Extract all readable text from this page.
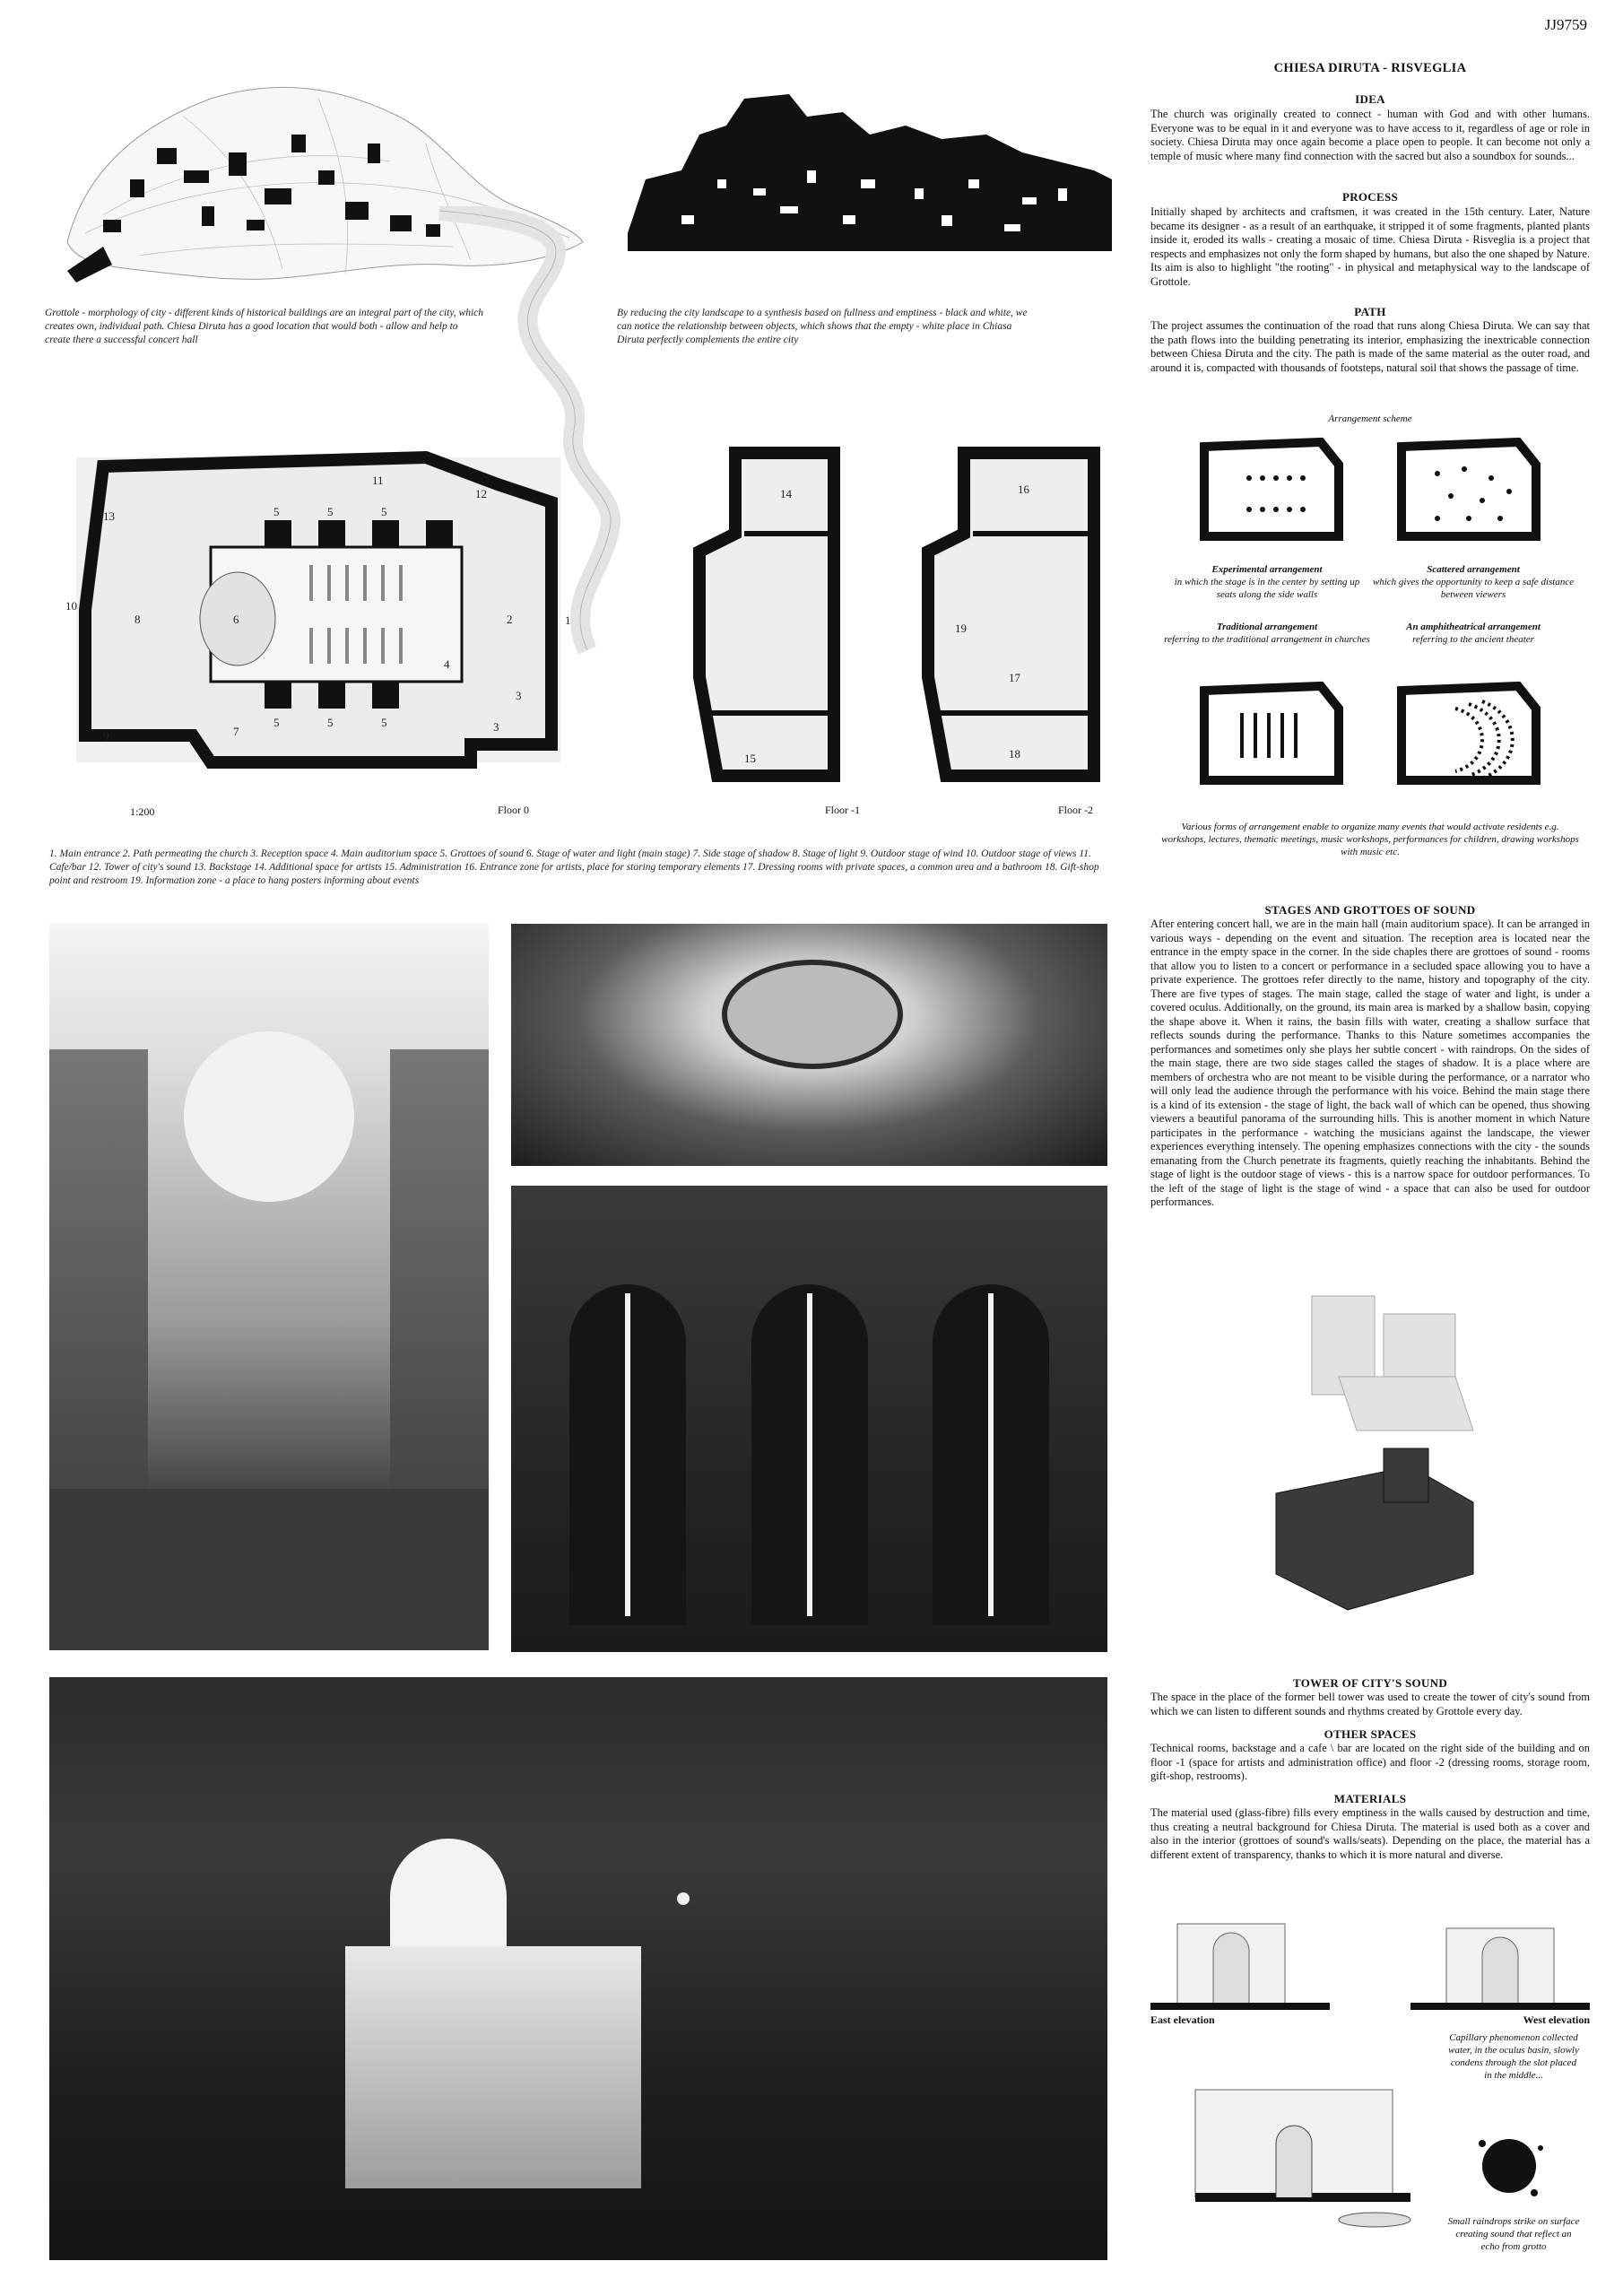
JJ9759
Grottole - morphology of city - different kinds of historical buildings are an integral part of the city, which creates own, individual path. Chiesa Diruta has a good location that would both - allow and help to create there a successful concert hall
By reducing the city landscape to a synthesis based on fullness and emptiness - black and white, we can notice the relationship between objects, which shows that the empty - white place in Chiasa Diruta perfectly complements the entire city
1
2
3
3
4
5	5	5
5	5
5
6
7
8
9
10
11
12
13
14
15
16
17
18
19
1:200	Floor 0	Floor -1	Floor -2
1. Main entrance 2. Path permeating the church 3. Reception space 4. Main auditorium space 5. Grottoes of sound 6. Stage of water and light (main stage) 7. Side stage of shadow 8. Stage of light 9. Outdoor stage of wind 10. Outdoor stage of views 11. Cafe/bar 12. Tower of city's sound 13. Backstage 14. Additional space for artists 15. Administration 16. Entrance zone for artists, place for storing temporary elements 17. Dressing rooms with private spaces, a common area and a bathroom 18. Gift-shop point and restroom 19. Information zone - a place to hang posters informing about events
CHIESA DIRUTA - RISVEGLIA
IDEA
The church was originally created to connect - human with God and with other humans. Everyone was to be equal in it and everyone was to have access to it, regardless of age or role in society. Chiesa Diruta may once again become a place open to people. It can become not only a temple of music where many find connection with the sacred but also a soundbox for sounds...
PROCESS
Initially shaped by architects and craftsmen, it was created in the 15th century. Later, Nature became its designer - as a result of an earthquake, it stripped it of some fragments, planted plants inside it, eroded its walls - creating a mosaic of time. Chiesa Diruta - Risveglia is a project that respects and emphasizes not only the form shaped by humans, but also the one shaped by Nature. Its aim is also to highlight "the rooting" - in physical and metaphysical way to the landscape of Grottole.
PATH
The project assumes the continuation of the road that runs along Chiesa Diruta. We can say that the path flows into the building penetrating its interior, emphasizing the inextricable connection between Chiesa Diruta and the city. The path is made of the same material as the outer road, and around it is, compacted with thousands of footsteps, natural soil that shows the passage of time.
Arrangement scheme
Experimental arrangement
in which the stage is in the center by setting up seats along the side walls
Scattered arrangement
which gives the opportunity to keep a safe distance between viewers
Traditional arrangement
referring to the traditional arrangement in churches
An amphitheatrical arrangement
referring to the ancient theater
Various forms of arrangement enable to organize many events that would activate residents e.g. workshops, lectures, thematic meetings, music workshops, performances for children, drawing workshops with music etc.
STAGES AND GROTTOES OF SOUND
After entering concert hall, we are in the main hall (main auditorium space). It can be arranged in various ways - depending on the event and situation. The reception area is located near the entrance in the empty space in the corner. In the side chaples there are grottoes of sound - rooms that allow you to listen to a concert or performance in a secluded space allowing you to have a private experience. The grottoes refer directly to the name, history and topography of the city. There are five types of stages. The main stage, called the stage of water and light, is under a covered oculus. Additionally, on the ground, its main area is marked by a shallow basin, copying the shape above it. When it rains, the basin fills with water, creating a shallow surface that reflects sounds during the performance. Thanks to this Nature sometimes accompanies the performances and sometimes only she plays her subtle concert - with raindrops. On the sides of the main stage, there are two side stages called the stages of shadow. It is a place where are members of orchestra who are not meant to be visible during the performance, or a narrator who will only lead the audience through the performance with his voice. Behind the main stage there is a kind of its extension - the stage of light, the back wall of which can be opened, thus showing viewers a beautiful panorama of the surrounding hills. This is another moment in which Nature participates in the performance - watching the musicians against the landscape, the viewer experiences everything intensely. The opening emphasizes connections with the city - the sounds emanating from the Church penetrate its fragments, quietly reaching the inhabitants. Behind the stage of light is the outdoor stage of views - this is a narrow space for outdoor performances. To the left of the stage of light is the stage of wind - a space that can also be used for outdoor performances.
TOWER OF CITY'S SOUND
The space in the place of the former bell tower was used to create the tower of city's sound from which we can listen to different sounds and rhythms created by Grottole every day.
OTHER SPACES
Technical rooms, backstage and a cafe \ bar are located on the right side of the building and on floor -1 (space for artists and administration office) and floor -2 (dressing rooms, storage room, gift-shop, restrooms).
MATERIALS
The material used (glass-fibre) fills every emptiness in the walls caused by destruction and time, thus creating a neutral background for Chiesa Diruta. The material is used both as a cover and also in the interior (grottoes of sound's walls/seats). Depending on the place, the material has a different extent of transparency, thanks to which it is more natural and diverse.
East elevation	West elevation
Capillary phenomenon collected water, in the oculus basin, slowly condens through the slot placed in the middle...
Small raindrops strike on surface creating sound that reflect an echo from grotto
